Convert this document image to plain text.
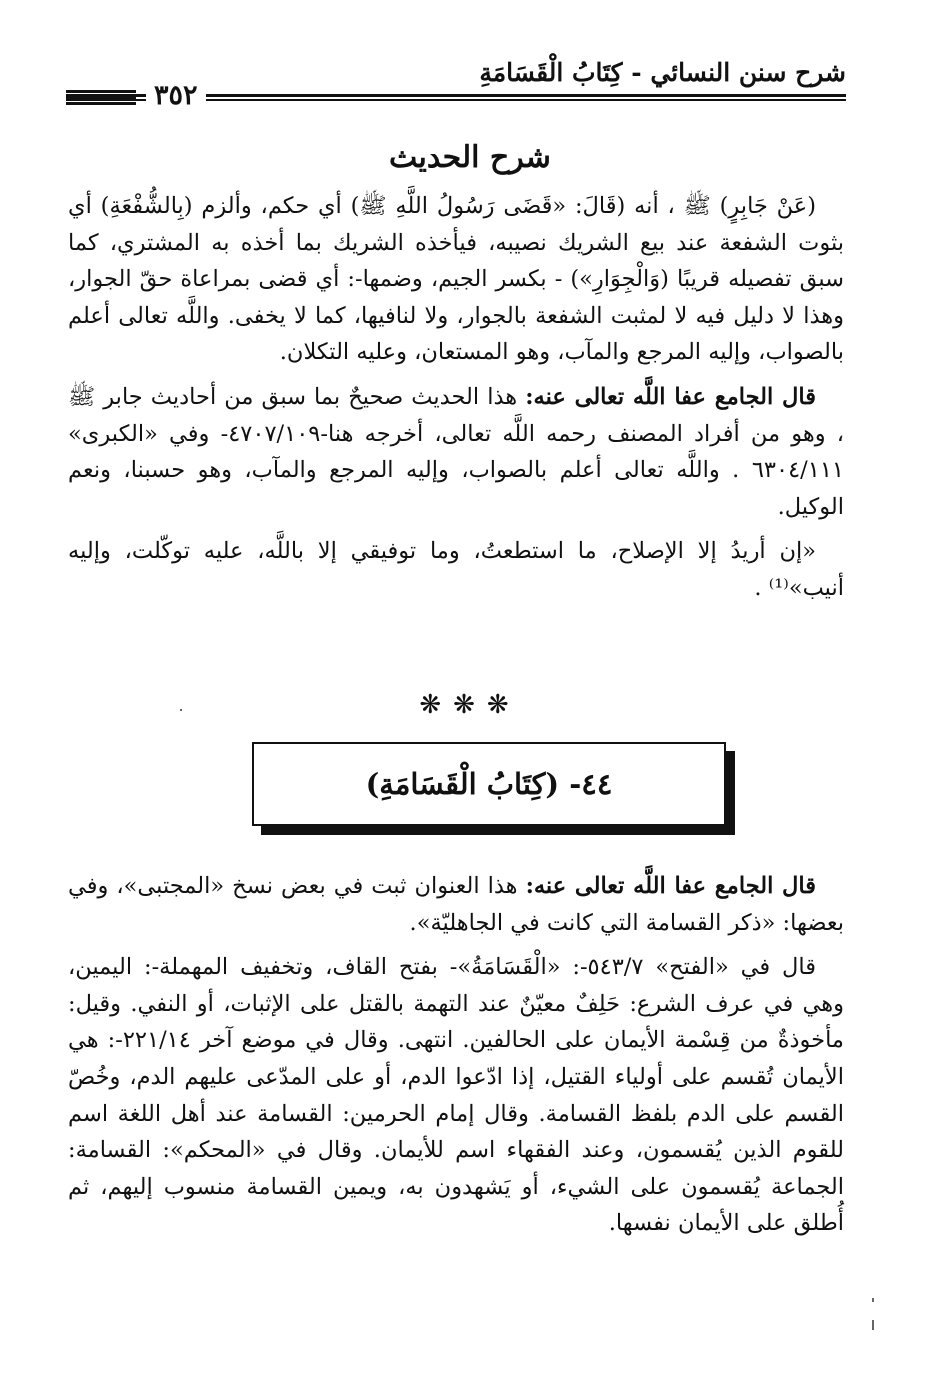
شرح سنن النسائي - كِتَابُ الْقَسَامَةِ
٣٥٢
شرح الحديث

(عَنْ جَابِرٍ) ﷺ ، أنه (قَالَ: «قَضَى رَسُولُ اللَّهِ ﷺ) أي حكم، وألزم (بِالشُّفْعَةِ) أي بثوت الشفعة عند بيع الشريك نصيبه، فيأخذه الشريك بما أخذه به المشتري، كما سبق تفصيله قريبًا (وَالْجِوَارِ») - بكسر الجيم، وضمها-: أي قضى بمراعاة حقّ الجوار، وهذا لا دليل فيه لا لمثبت الشفعة بالجوار، ولا لنافيها، كما لا يخفى. واللَّه تعالى أعلم بالصواب، وإليه المرجع والمآب، وهو المستعان، وعليه التكلان.

قال الجامع عفا اللَّه تعالى عنه: هذا الحديث صحيحٌ بما سبق من أحاديث جابر ﷺ ، وهو من أفراد المصنف رحمه اللَّه تعالى، أخرجه هنا-٤٧٠٧/١٠٩- وفي «الكبرى» ٦٣٠٤/١١١ . واللَّه تعالى أعلم بالصواب، وإليه المرجع والمآب، وهو حسبنا، ونعم الوكيل.

«إن أريدُ إلا الإصلاح، ما استطعتُ، وما توفيقي إلا باللَّه، عليه توكّلت، وإليه أنيب»⁽¹⁾ .

❋❋❋
٤٤- (كِتَابُ الْقَسَامَةِ)

قال الجامع عفا اللَّه تعالى عنه: هذا العنوان ثبت في بعض نسخ «المجتبى»، وفي بعضها: «ذكر القسامة التي كانت في الجاهليّة».

قال في «الفتح» ٥٤٣/٧-: «الْقَسَامَةُ»- بفتح القاف، وتخفيف المهملة-: اليمين، وهي في عرف الشرع: حَلِفٌ معيّنٌ عند التهمة بالقتل على الإثبات، أو النفي. وقيل: مأخوذةٌ من قِسْمة الأيمان على الحالفين. انتهى. وقال في موضع آخر ٢٢١/١٤-: هي الأيمان تُقسم على أولياء القتيل، إذا ادّعوا الدم، أو على المدّعى عليهم الدم، وخُصّ القسم على الدم بلفظ القسامة. وقال إمام الحرمين: القسامة عند أهل اللغة اسم للقوم الذين يُقسمون، وعند الفقهاء اسم للأيمان. وقال في «المحكم»: القسامة: الجماعة يُقسمون على الشيء، أو يَشهدون به، ويمين القسامة منسوب إليهم، ثم أُطلق على الأيمان نفسها.
